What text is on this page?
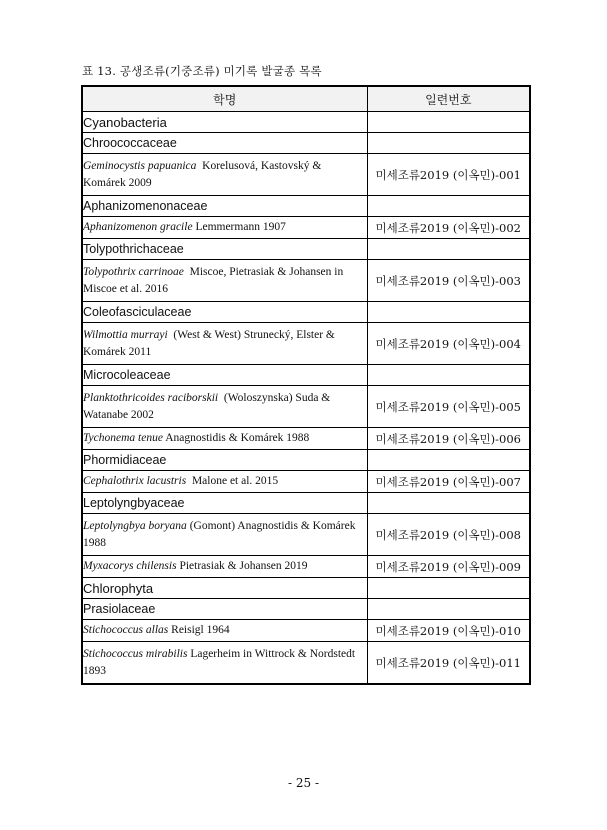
표 13. 공생조류(기중조류) 미기록 발굴종 목록
학명	일련번호
Cyanobacteria	
Chroococcaceae	
Geminocystis papuanica Korelusová, Kastovský & Komárek 2009	미세조류2019 (이옥민)-001
Aphanizomenonaceae	
Aphanizomenon gracile Lemmermann 1907	미세조류2019 (이옥민)-002
Tolypothrichaceae	
Tolypothrix carrinoae Miscoe, Pietrasiak & Johansen in Miscoe et al. 2016	미세조류2019 (이옥민)-003
Coleofasciculaceae	
Wilmottia murrayi (West & West) Strunecký, Elster & Komárek 2011	미세조류2019 (이옥민)-004
Microcoleaceae	
Planktothricoides raciborskii (Woloszynska) Suda & Watanabe 2002	미세조류2019 (이옥민)-005
Tychonema tenue Anagnostidis & Komárek 1988	미세조류2019 (이옥민)-006
Phormidiaceae	
Cephalothrix lacustris Malone et al. 2015	미세조류2019 (이옥민)-007
Leptolyngbyaceae	
Leptolyngbya boryana (Gomont) Anagnostidis & Komárek 1988	미세조류2019 (이옥민)-008
Myxacorys chilensis Pietrasiak & Johansen 2019	미세조류2019 (이옥민)-009
Chlorophyta	
Prasiolaceae	
Stichococcus allas Reisigl 1964	미세조류2019 (이옥민)-010
Stichococcus mirabilis Lagerheim in Wittrock & Nordstedt 1893	미세조류2019 (이옥민)-011
- 25 -
